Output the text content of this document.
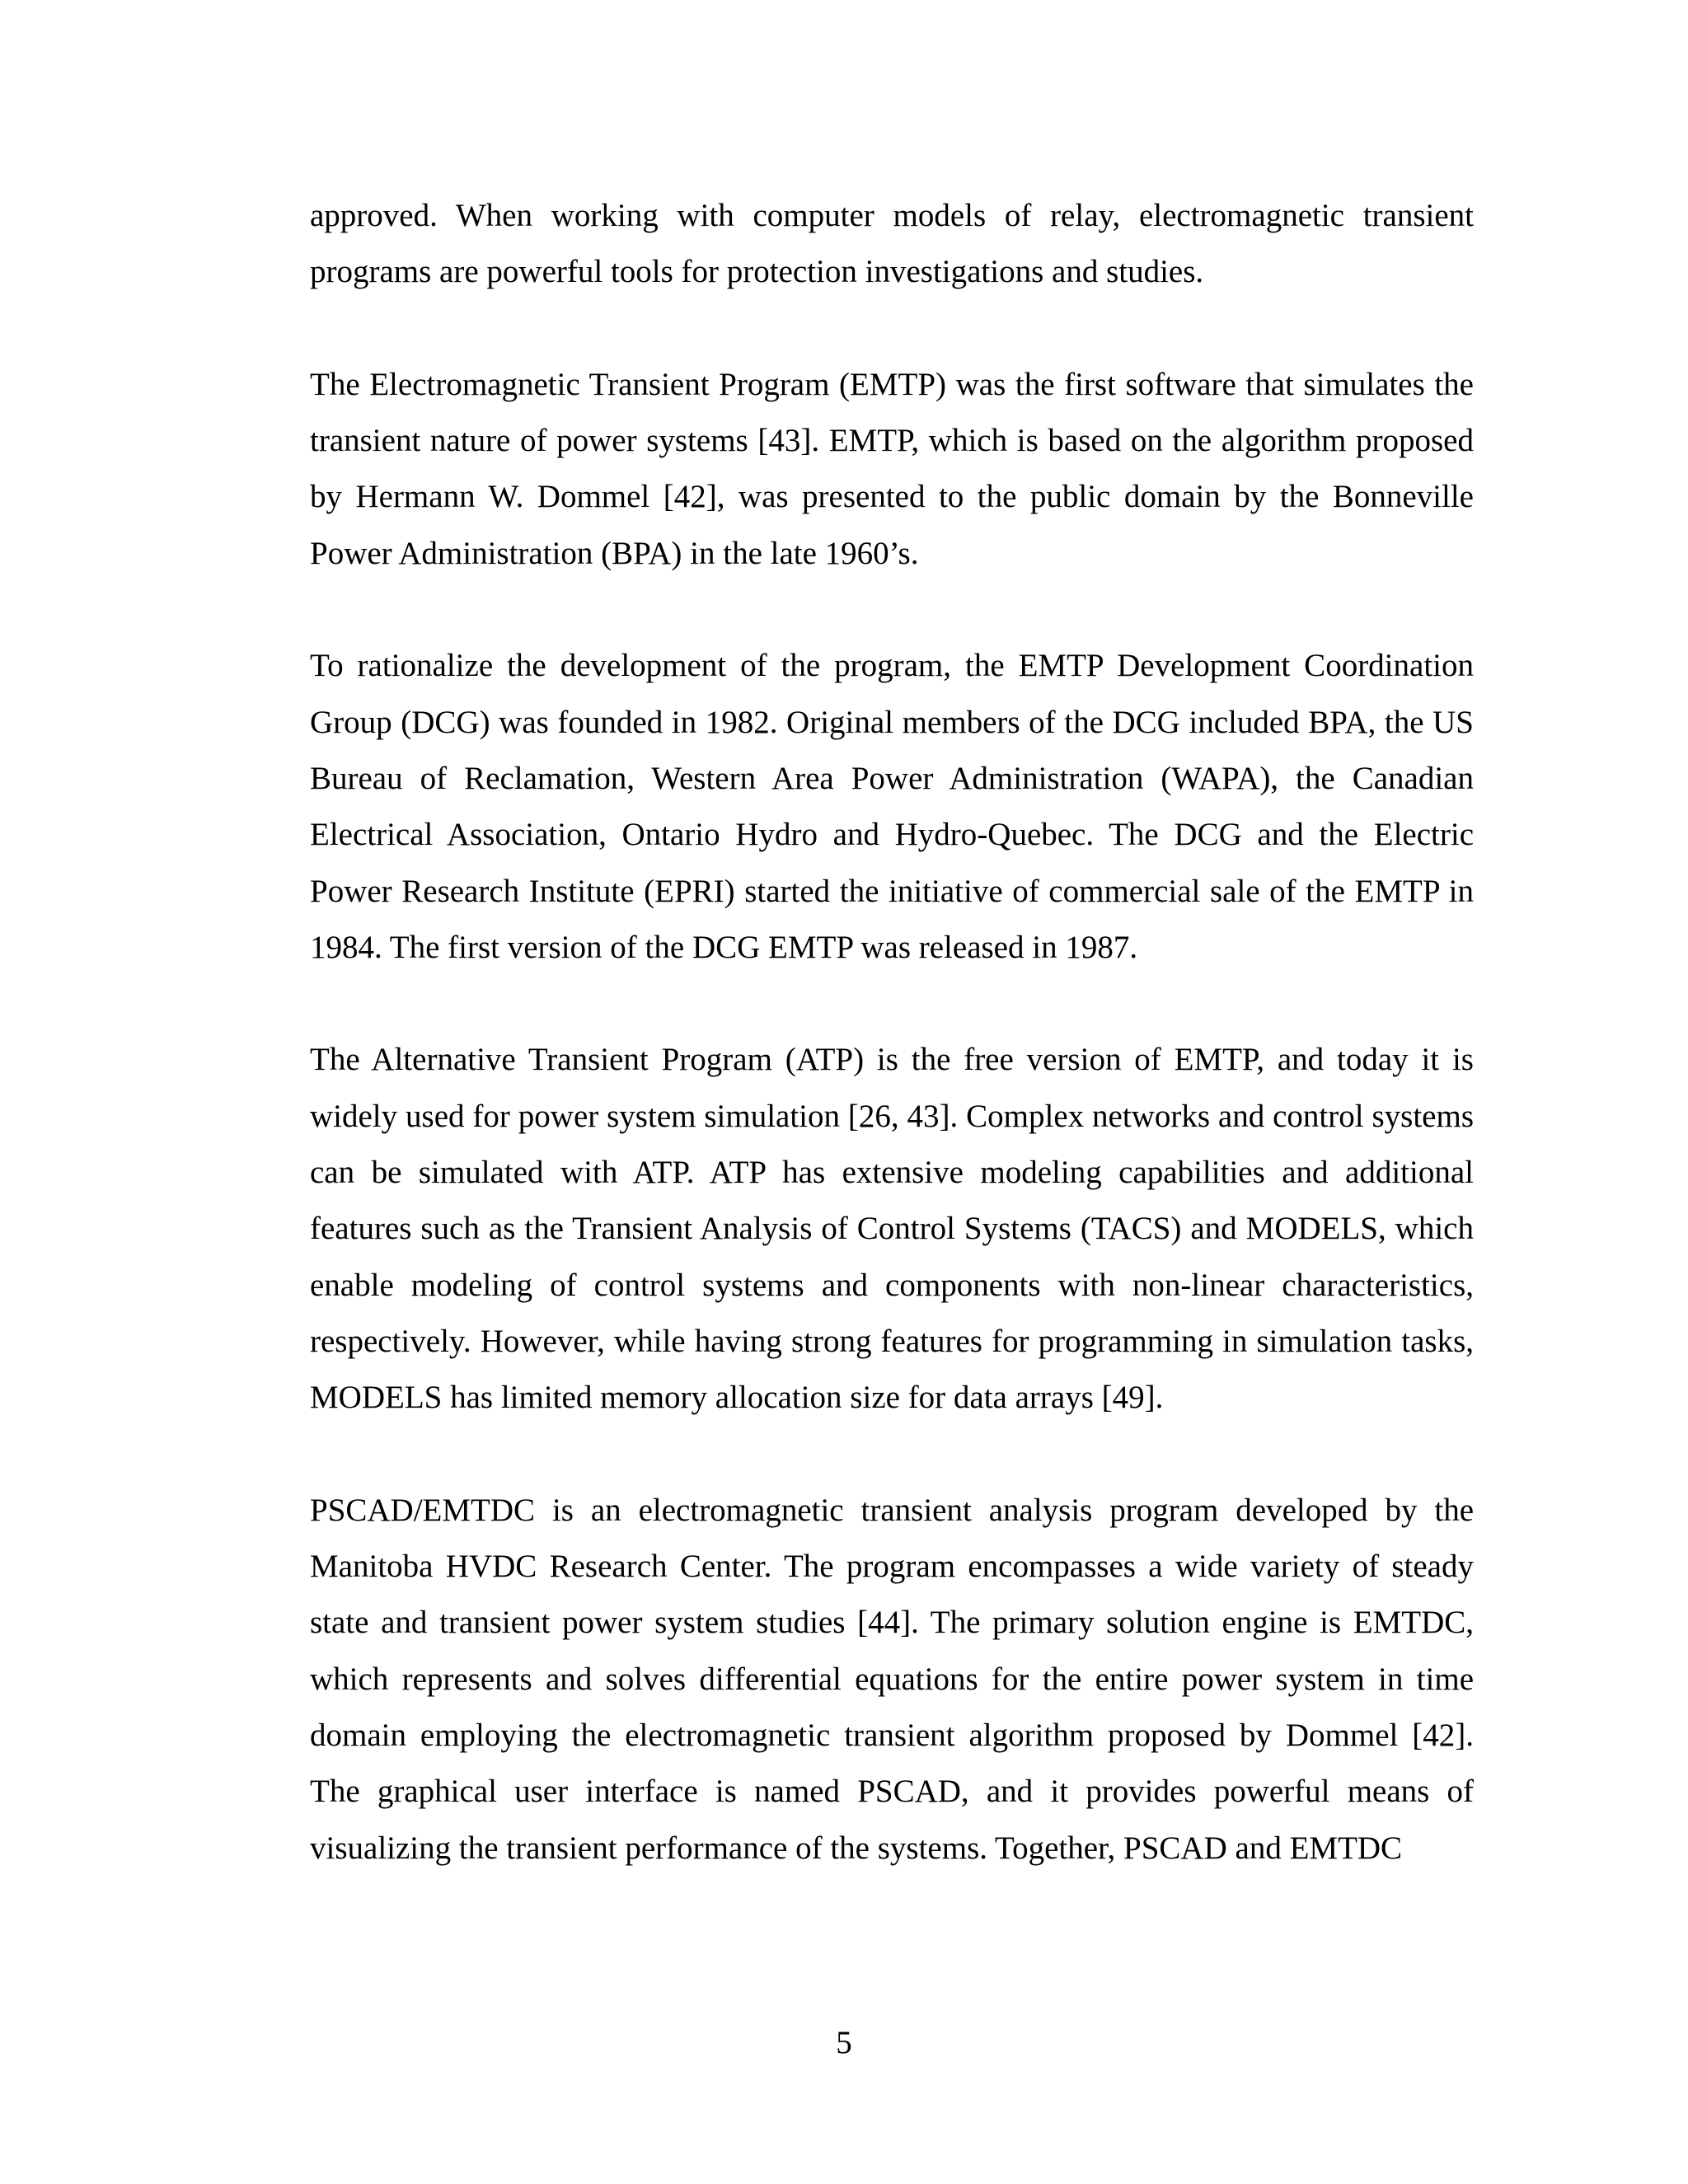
approved. When working with computer models of relay, electromagnetic transient programs are powerful tools for protection investigations and studies.

The Electromagnetic Transient Program (EMTP) was the first software that simulates the transient nature of power systems [43]. EMTP, which is based on the algorithm proposed by Hermann W. Dommel [42], was presented to the public domain by the Bonneville Power Administration (BPA) in the late 1960’s.

To rationalize the development of the program, the EMTP Development Coordination Group (DCG) was founded in 1982. Original members of the DCG included BPA, the US Bureau of Reclamation, Western Area Power Administration (WAPA), the Canadian Electrical Association, Ontario Hydro and Hydro-Quebec. The DCG and the Electric Power Research Institute (EPRI) started the initiative of commercial sale of the EMTP in 1984. The first version of the DCG EMTP was released in 1987.

The Alternative Transient Program (ATP) is the free version of EMTP, and today it is widely used for power system simulation [26, 43]. Complex networks and control systems can be simulated with ATP. ATP has extensive modeling capabilities and additional features such as the Transient Analysis of Control Systems (TACS) and MODELS, which enable modeling of control systems and components with non-linear characteristics, respectively. However, while having strong features for programming in simulation tasks, MODELS has limited memory allocation size for data arrays [49].

PSCAD/EMTDC is an electromagnetic transient analysis program developed by the Manitoba HVDC Research Center. The program encompasses a wide variety of steady state and transient power system studies [44]. The primary solution engine is EMTDC, which represents and solves differential equations for the entire power system in time domain employing the electromagnetic transient algorithm proposed by Dommel [42]. The graphical user interface is named PSCAD, and it provides powerful means of visualizing the transient performance of the systems. Together, PSCAD and EMTDC

5
